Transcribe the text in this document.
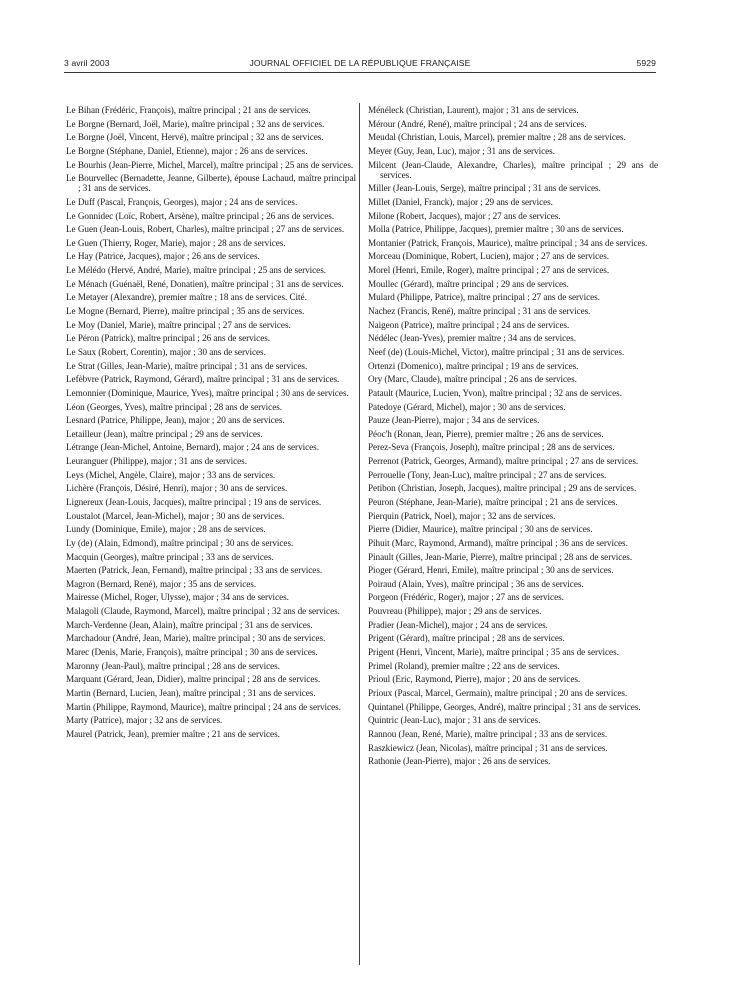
3 avril 2003	JOURNAL OFFICIEL DE LA RÉPUBLIQUE FRANÇAISE	5929

Le Bihan (Frédéric, François), maître principal ; 21 ans de services.

Le Borgne (Bernard, Joël, Marie), maître principal ; 32 ans de services.

Le Borgne (Joël, Vincent, Hervé), maître principal ; 32 ans de services.

Le Borgne (Stéphane, Daniel, Etienne), major ; 26 ans de services.

Le Bourhis (Jean-Pierre, Michel, Marcel), maître principal ; 25 ans de services.

Le Bourvellec (Bernadette, Jeanne, Gilberte), épouse Lachaud, maître principal ; 31 ans de services.

Le Duff (Pascal, François, Georges), major ; 24 ans de services.

Le Gonnidec (Loïc, Robert, Arsène), maître principal ; 26 ans de services.

Le Guen (Jean-Louis, Robert, Charles), maître principal ; 27 ans de services.

Le Guen (Thierry, Roger, Marie), major ; 28 ans de services.

Le Hay (Patrice, Jacques), major ; 26 ans de services.

Le Mélédo (Hervé, André, Marie), maître principal ; 25 ans de services.

Le Ménach (Guénaël, René, Donatien), maître principal ; 31 ans de services.

Le Metayer (Alexandre), premier maître ; 18 ans de services. Cité.

Le Mogne (Bernard, Pierre), maître principal ; 35 ans de services.

Le Moy (Daniel, Marie), maître principal ; 27 ans de services.

Le Péron (Patrick), maître principal ; 26 ans de services.

Le Saux (Robert, Corentin), major ; 30 ans de services.

Le Strat (Gilles, Jean-Marie), maître principal ; 31 ans de services.

Lefèbvre (Patrick, Raymond, Gérard), maître principal ; 31 ans de services.

Lemonnier (Dominique, Maurice, Yves), maître principal ; 30 ans de services.

Léon (Georges, Yves), maître principal ; 28 ans de services.

Lesnard (Patrice, Philippe, Jean), major ; 20 ans de services.

Letailleur (Jean), maître principal ; 29 ans de services.

Létrange (Jean-Michel, Antoine, Bernard), major ; 24 ans de services.

Leuranguer (Philippe), major ; 31 ans de services.

Leys (Michel, Angèle, Claire), major ; 33 ans de services.

Lichère (François, Désiré, Henri), major ; 30 ans de services.

Lignereux (Jean-Louis, Jacques), maître principal ; 19 ans de services.

Loustalot (Marcel, Jean-Michel), major ; 30 ans de services.

Lundy (Dominique, Emile), major ; 28 ans de services.

Ly (de) (Alain, Edmond), maître principal ; 30 ans de services.

Macquin (Georges), maître principal ; 33 ans de services.

Maerten (Patrick, Jean, Fernand), maître principal ; 33 ans de services.

Magron (Bernard, René), major ; 35 ans de services.

Mairesse (Michel, Roger, Ulysse), major ; 34 ans de services.

Malagoli (Claude, Raymond, Marcel), maître principal ; 32 ans de services.

March-Verdenne (Jean, Alain), maître principal ; 31 ans de services.

Marchadour (André, Jean, Marie), maître principal ; 30 ans de services.

Marec (Denis, Marie, François), maître principal ; 30 ans de services.

Maronny (Jean-Paul), maître principal ; 28 ans de services.

Marquant (Gérard, Jean, Didier), maître principal ; 28 ans de services.

Martin (Bernard, Lucien, Jean), maître principal ; 31 ans de services.

Martin (Philippe, Raymond, Maurice), maître principal ; 24 ans de services.

Marty (Patrice), major ; 32 ans de services.

Maurel (Patrick, Jean), premier maître ; 21 ans de services.

Ménéleck (Christian, Laurent), major ; 31 ans de services.

Mérour (André, René), maître principal ; 24 ans de services.

Meudal (Christian, Louis, Marcel), premier maître ; 28 ans de services.

Meyer (Guy, Jean, Luc), major ; 31 ans de services.

Milcent (Jean-Claude, Alexandre, Charles), maître principal ; 29 ans de services.

Miller (Jean-Louis, Serge), maître principal ; 31 ans de services.

Millet (Daniel, Franck), major ; 29 ans de services.

Milone (Robert, Jacques), major ; 27 ans de services.

Molla (Patrice, Philippe, Jacques), premier maître ; 30 ans de services.

Montanier (Patrick, François, Maurice), maître principal ; 34 ans de services.

Morceau (Dominique, Robert, Lucien), major ; 27 ans de services.

Morel (Henri, Emile, Roger), maître principal ; 27 ans de services.

Moullec (Gérard), maître principal ; 29 ans de services.

Mulard (Philippe, Patrice), maître principal ; 27 ans de services.

Nachez (Francis, René), maître principal ; 31 ans de services.

Naigeon (Patrice), maître principal ; 24 ans de services.

Nédélec (Jean-Yves), premier maître ; 34 ans de services.

Neef (de) (Louis-Michel, Victor), maître principal ; 31 ans de services.

Ortenzi (Domenico), maître principal ; 19 ans de services.

Ory (Marc, Claude), maître principal ; 26 ans de services.

Patault (Maurice, Lucien, Yvon), maître principal ; 32 ans de services.

Patedoye (Gérard, Michel), major ; 30 ans de services.

Pauze (Jean-Pierre), major ; 34 ans de services.

Péoc'h (Ronan, Jean, Pierre), premier maître ; 26 ans de services.

Perez-Seva (François, Joseph), maître principal ; 28 ans de services.

Perrenot (Patrick, Georges, Armand), maître principal ; 27 ans de services.

Perrouelle (Tony, Jean-Luc), maître principal ; 27 ans de services.

Petibon (Christian, Joseph, Jacques), maître principal ; 29 ans de services.

Peuron (Stéphane, Jean-Marie), maître principal ; 21 ans de services.

Pierquin (Patrick, Noel), major ; 32 ans de services.

Pierre (Didier, Maurice), maître principal ; 30 ans de services.

Pihuit (Marc, Raymond, Armand), maître principal ; 36 ans de services.

Pinault (Gilles, Jean-Marie, Pierre), maître principal ; 28 ans de services.

Pioger (Gérard, Henri, Emile), maître principal ; 30 ans de services.

Poiraud (Alain, Yves), maître principal ; 36 ans de services.

Porgeon (Frédéric, Roger), major ; 27 ans de services.

Pouvreau (Philippe), major ; 29 ans de services.

Pradier (Jean-Michel), major ; 24 ans de services.

Prigent (Gérard), maître principal ; 28 ans de services.

Prigent (Henri, Vincent, Marie), maître principal ; 35 ans de services.

Primel (Roland), premier maître ; 22 ans de services.

Prioul (Eric, Raymond, Pierre), major ; 20 ans de services.

Prioux (Pascal, Marcel, Germain), maître principal ; 20 ans de services.

Quintanel (Philippe, Georges, André), maître principal ; 31 ans de services.

Quintric (Jean-Luc), major ; 31 ans de services.

Rannou (Jean, René, Marie), maître principal ; 33 ans de services.

Raszkiewicz (Jean, Nicolas), maître principal ; 31 ans de services.

Rathonie (Jean-Pierre), major ; 26 ans de services.
